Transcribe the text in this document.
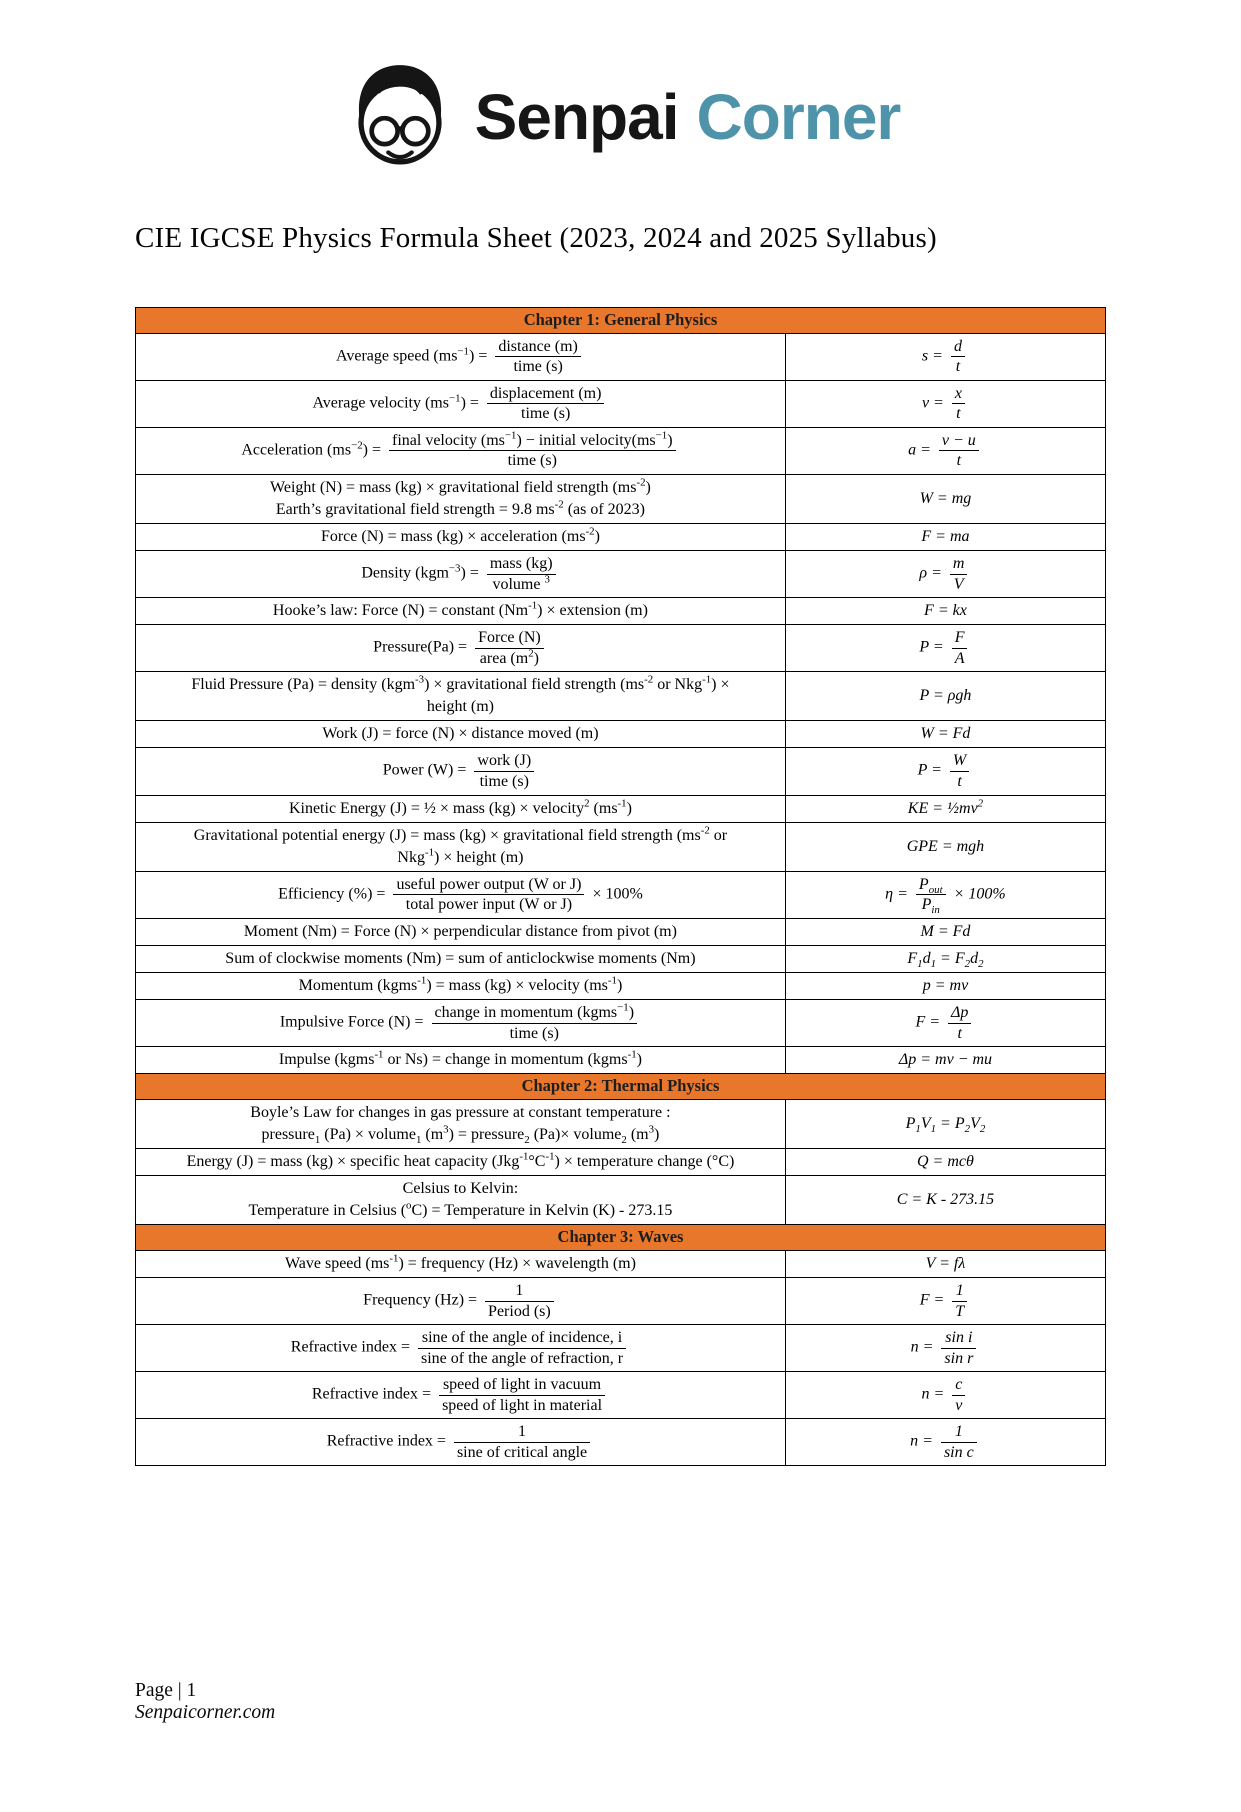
Senpai Corner
CIE IGCSE Physics Formula Sheet (2023, 2024 and 2025 Syllabus)
Chapter 1: General Physics	
Average speed $(ms^{-1}) = \frac{\text{distance (m)}}{\text{time (s)}}$	$s = \frac{d}{t}$

Average velocity $(ms^{-1}) = \frac{\text{displacement (m)}}{\text{time (s)}}$	$v = \frac{x}{t}$

Acceleration $(ms^{-2}) = \frac{final velocity (ms^{-1}) - initial velocity(ms^{-1})}{\text{time (s)}}$	$a = \frac{v - u}{t}$

Weight (N) = mass (kg) × gravitational field strength $(ms^{-2})$
Earth’s gravitational field strength = 9.8 $ms^{-2}$ (as of 2023)	W = mg
Force (N) = mass (kg) × acceleration $(ms^{-2})$	F = ma
Density $(kgm^{-3}) = \frac{\text{mass (kg)}}{volume ^3}$	$\rho = \frac{m}{V}$

Hooke’s law: Force (N) = constant $(Nm^{-1})$ × extension (m)	F = kx
Pressure(Pa) = $\frac{\text{Force (N)}}{area (m^2)}$	$P = \frac{F}{A}$

Fluid Pressure (Pa) = density (kgm$^{-3}$) × gravitational field strength ($ms^{-2}$ or Nkg$^{-1}$) ×
height (m)	P = ρgh
Work (J) = force (N) × distance moved (m)	W = Fd
Power $(W) = \frac{\text{work (J)}}{\text{time (s)}}$	$P = \frac{W}{t}$

Kinetic Energy (J) = ½ × mass (kg) × velocity$^2$ $(ms^{-1})$	KE = $\frac{1}{2}mv^2$
Gravitational potential energy (J) = mass (kg) × gravitational field strength ($ms^{-2}$ or
Nkg$^{-1}$) × height (m)	GPE = mgh
Efficiency (%) = $\frac{\text{useful power output (W or J)}}{\text{total power input (W or J)}} \times 100\%$	$\eta = \frac{P_{out}}{P_{in}} \times 100\%$
Moment (Nm) = Force (N) × perpendicular distance from pivot (m)	M = Fd
Sum of clockwise moments (Nm) = sum of anticlockwise moments (Nm)	$F_1d_1 = F_2d_2$
Momentum (kgms$^{-1}$) = mass (kg) × velocity $(ms^{-1})$	p = mv
Impulsive Force $(N) = \frac{change in momentum (kgms^{-1})}{\text{time (s)}}$	$F = \frac{\Delta p}{t}$

Impulse (kgms$^{-1}$ or Ns) = change in momentum (kgms$^{-1}$)	Δp = mv − mu
Chapter 2: Thermal Physics	
Boyle’s Law for changes in gas pressure at constant temperature :
pressure$_1$ (Pa) × volume$_1$ $(m^3)$ = pressure$_2$ (Pa)× volume$_2$ $(m^3)$	$P_1V_1 = P_2V_2$
Energy (J) = mass (kg) × specific heat capacity $(Jkg^{-1}^\circ C^{-1})$ × temperature change (°C)	Q = mcθ
Celsius to Kelvin:
Temperature in Celsius ($^o$C) = Temperature in Kelvin (K) - 273.15	C = K - 273.15
Chapter 3: Waves	
Wave speed $(ms^{-1})$ = frequency (Hz) × wavelength (m)	V = fλ
Frequency $(Hz) = \frac{1}{\text{Period (s)}}$	$F = \frac{1}{T}$

Refractive index = $\frac{\text{sine of the angle of incidence, i}}{\text{sine of the angle of refraction, r}}$	$n = \frac{\text{sin i}}{\text{sin r}}$

Refractive index = $\frac{\text{speed of light in vacuum}}{\text{speed of light in material}}$	$n = \frac{c}{v}$

Refractive index = $\frac{1}{\text{sine of critical angle}}$	$n = \frac{1}{\text{sin c}}$
Page | 1
Senpaicorner.com
